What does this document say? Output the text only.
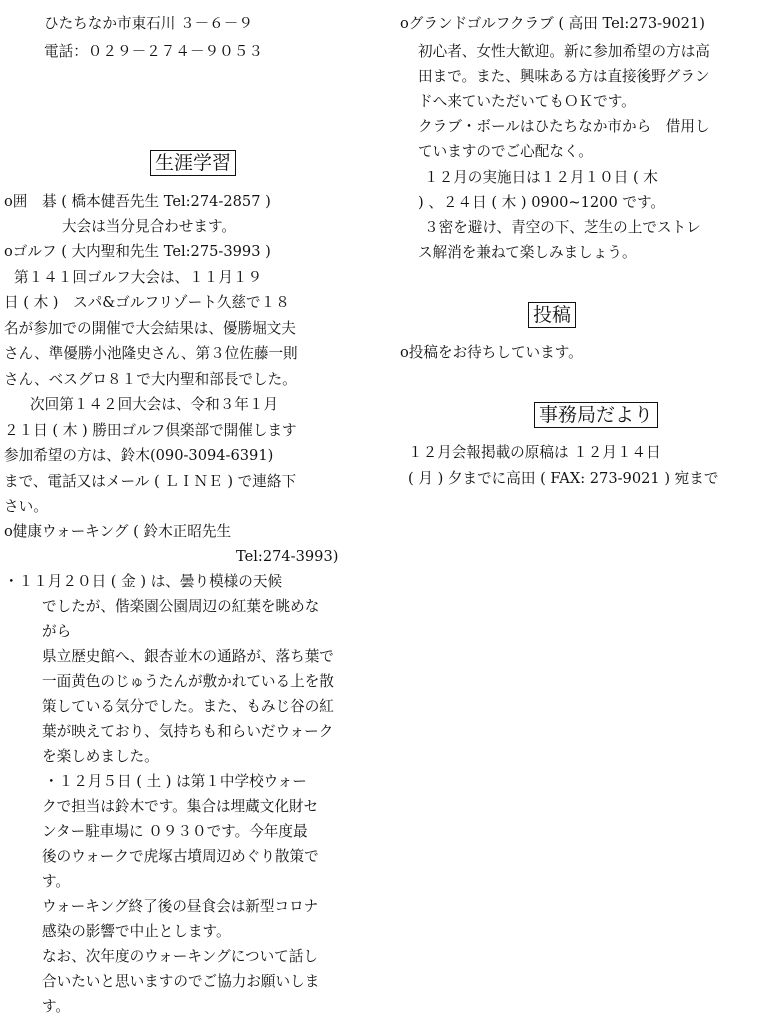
ひたちなか市東石川 ３－６－９
電話：０２９－２７４－９０５３
生涯学習
o囲　碁 ( 橋本健吾先生 Tel:274-2857 )
大会は当分見合わせます。
oゴルフ ( 大内聖和先生 Tel:275-3993 )
第１４１回ゴルフ大会は、１１月１９
日 ( 木 )　スパ&ゴルフリゾート久慈で１８
名が参加での開催で大会結果は、優勝堀文夫
さん、準優勝小池隆史さん、第３位佐藤一則
さん、ベスグロ８１で大内聖和部長でした。
次回第１４２回大会は、令和３年１月
２１日 ( 木 ) 勝田ゴルフ倶楽部で開催します
参加希望の方は、鈴木(090-3094-6391)
まで、電話又はメール ( ＬＩＮＥ ) で連絡下
さい。
o健康ウォーキング ( 鈴木正昭先生
Tel:274-3993)
・１１月２０日 ( 金 ) は、曇り模様の天候
でしたが、偕楽園公園周辺の紅葉を眺めな
がら
県立歴史館へ、銀杏並木の通路が、落ち葉で
一面黄色のじゅうたんが敷かれている上を散
策している気分でした。また、もみじ谷の紅
葉が映えており、気持ちも和らいだウォーク
を楽しめました。
・１２月５日 ( 土 ) は第１中学校ウォー
クで担当は鈴木です。集合は埋蔵文化財セ
ンター駐車場に ０９３０です。今年度最
後のウォークで虎塚古墳周辺めぐり散策で
す。
ウォーキング終了後の昼食会は新型コロナ
感染の影響で中止とします。
なお、次年度のウォーキングについて話し
合いたいと思いますのでご協力お願いしま
す。
oグランドゴルフクラブ ( 高田 Tel:273-9021)
初心者、女性大歓迎。新に参加希望の方は高
田まで。また、興味ある方は直接後野グラン
ドへ来ていただいてもＯＫです。
クラブ・ボールはひたちなか市から　借用し
ていますのでご心配なく。
１２月の実施日は１２月１０日 ( 木
) 、２４日 ( 木 ) 0900~1200 です。
３密を避け、青空の下、芝生の上でストレ
ス解消を兼ねて楽しみましょう。
投稿
o投稿をお待ちしています。
事務局だより
１２月会報掲載の原稿は １２月１４日
( 月 ) 夕までに高田 ( FAX: 273-9021 ) 宛まで
